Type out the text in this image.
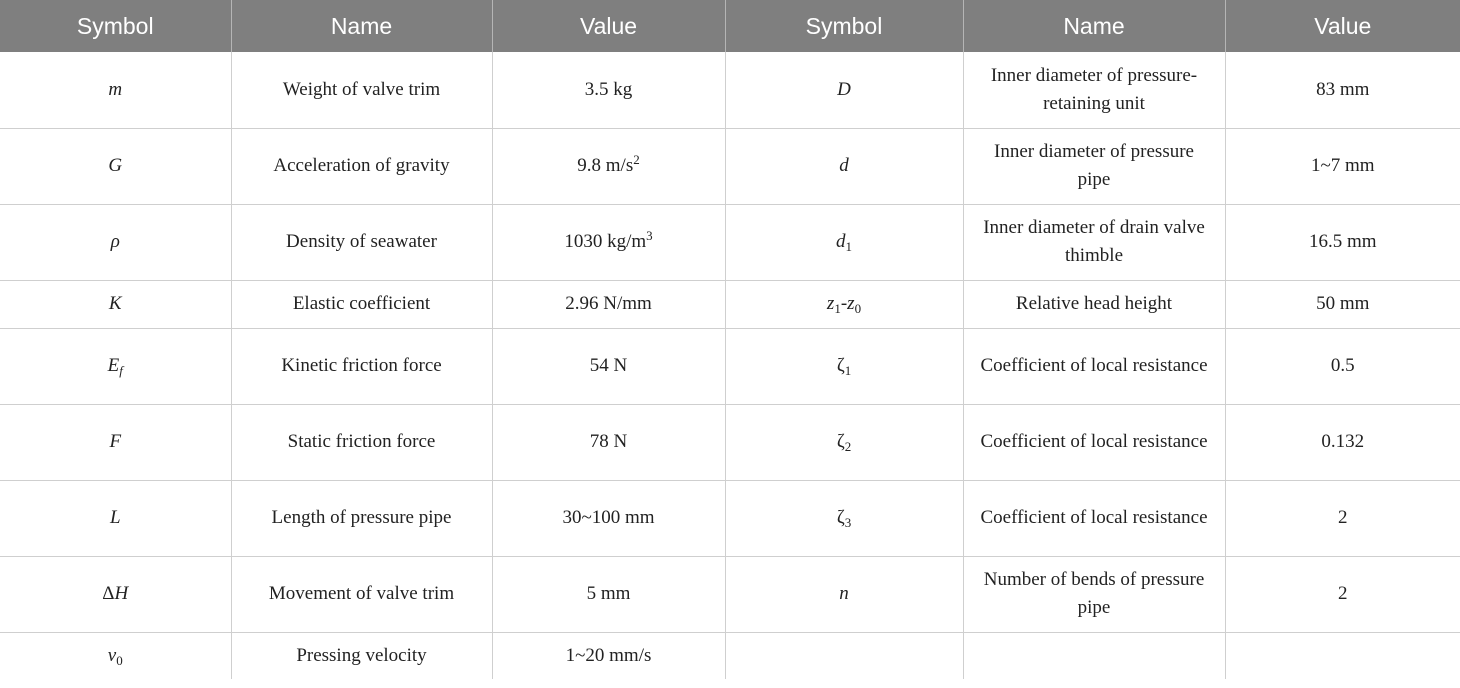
Symbol	Name	Value	Symbol	Name	Value
m	Weight of valve trim	3.5 kg	D	Inner diameter of pressure-retaining unit	83 mm
G	Acceleration of gravity	9.8 $m/s^2$	d	Inner diameter of pressure pipe	1~7 mm
ρ	Density of seawater	1030 $kg/m^3$	$d_1$	Inner diameter of drain valve thimble	16.5 mm
K	Elastic coefficient	2.96 N/mm	$z_1-z_0$	Relative head height	50 mm
$E_f$	Kinetic friction force	54 N	$\zeta_1$	Coefficient of local resistance	0.5
F	Static friction force	78 N	$\zeta_2$	Coefficient of local resistance	0.132
L	Length of pressure pipe	30~100 mm	$\zeta_3$	Coefficient of local resistance	2
ΔH	Movement of valve trim	5 mm	n	Number of bends of pressure pipe	2
$v_0$	Pressing velocity	1~20 mm/s			
